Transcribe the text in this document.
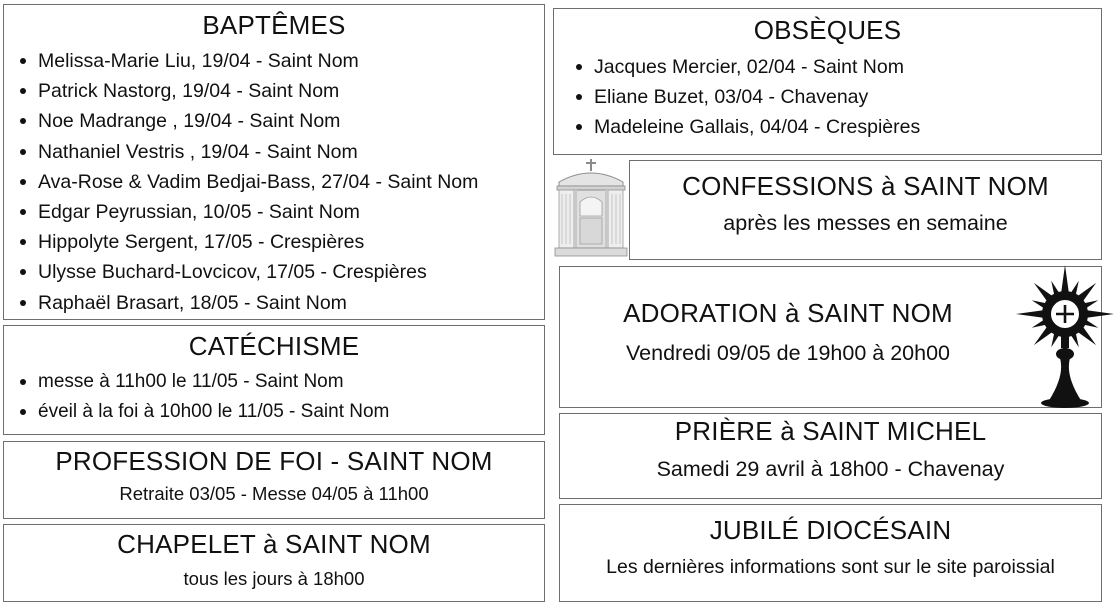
BAPTÊMES
Melissa-Marie Liu, 19/04 - Saint Nom
Patrick Nastorg, 19/04 - Saint Nom
Noe Madrange , 19/04 - Saint Nom
Nathaniel Vestris , 19/04 - Saint Nom
Ava-Rose & Vadim Bedjai-Bass, 27/04 - Saint Nom
Edgar Peyrussian, 10/05 - Saint Nom
Hippolyte Sergent, 17/05 - Crespières
Ulysse Buchard-Lovcicov, 17/05 - Crespières
Raphaël Brasart, 18/05 - Saint Nom
CATÉCHISME
messe à 11h00 le 11/05 - Saint Nom
éveil à la foi à 10h00 le 11/05 - Saint Nom
PROFESSION DE FOI - SAINT NOM
Retraite 03/05 - Messe 04/05 à 11h00
CHAPELET à SAINT NOM
tous les jours à 18h00
OBSÈQUES
Jacques Mercier, 02/04 - Saint Nom
Eliane Buzet, 03/04 - Chavenay
Madeleine Gallais, 04/04 - Crespières
CONFESSIONS à SAINT NOM
après les messes en semaine
ADORATION à SAINT NOM
Vendredi 09/05 de 19h00 à 20h00
PRIÈRE à SAINT MICHEL
Samedi 29 avril à 18h00 - Chavenay
JUBILÉ DIOCÉSAIN
Les dernières informations sont sur le site paroissial
